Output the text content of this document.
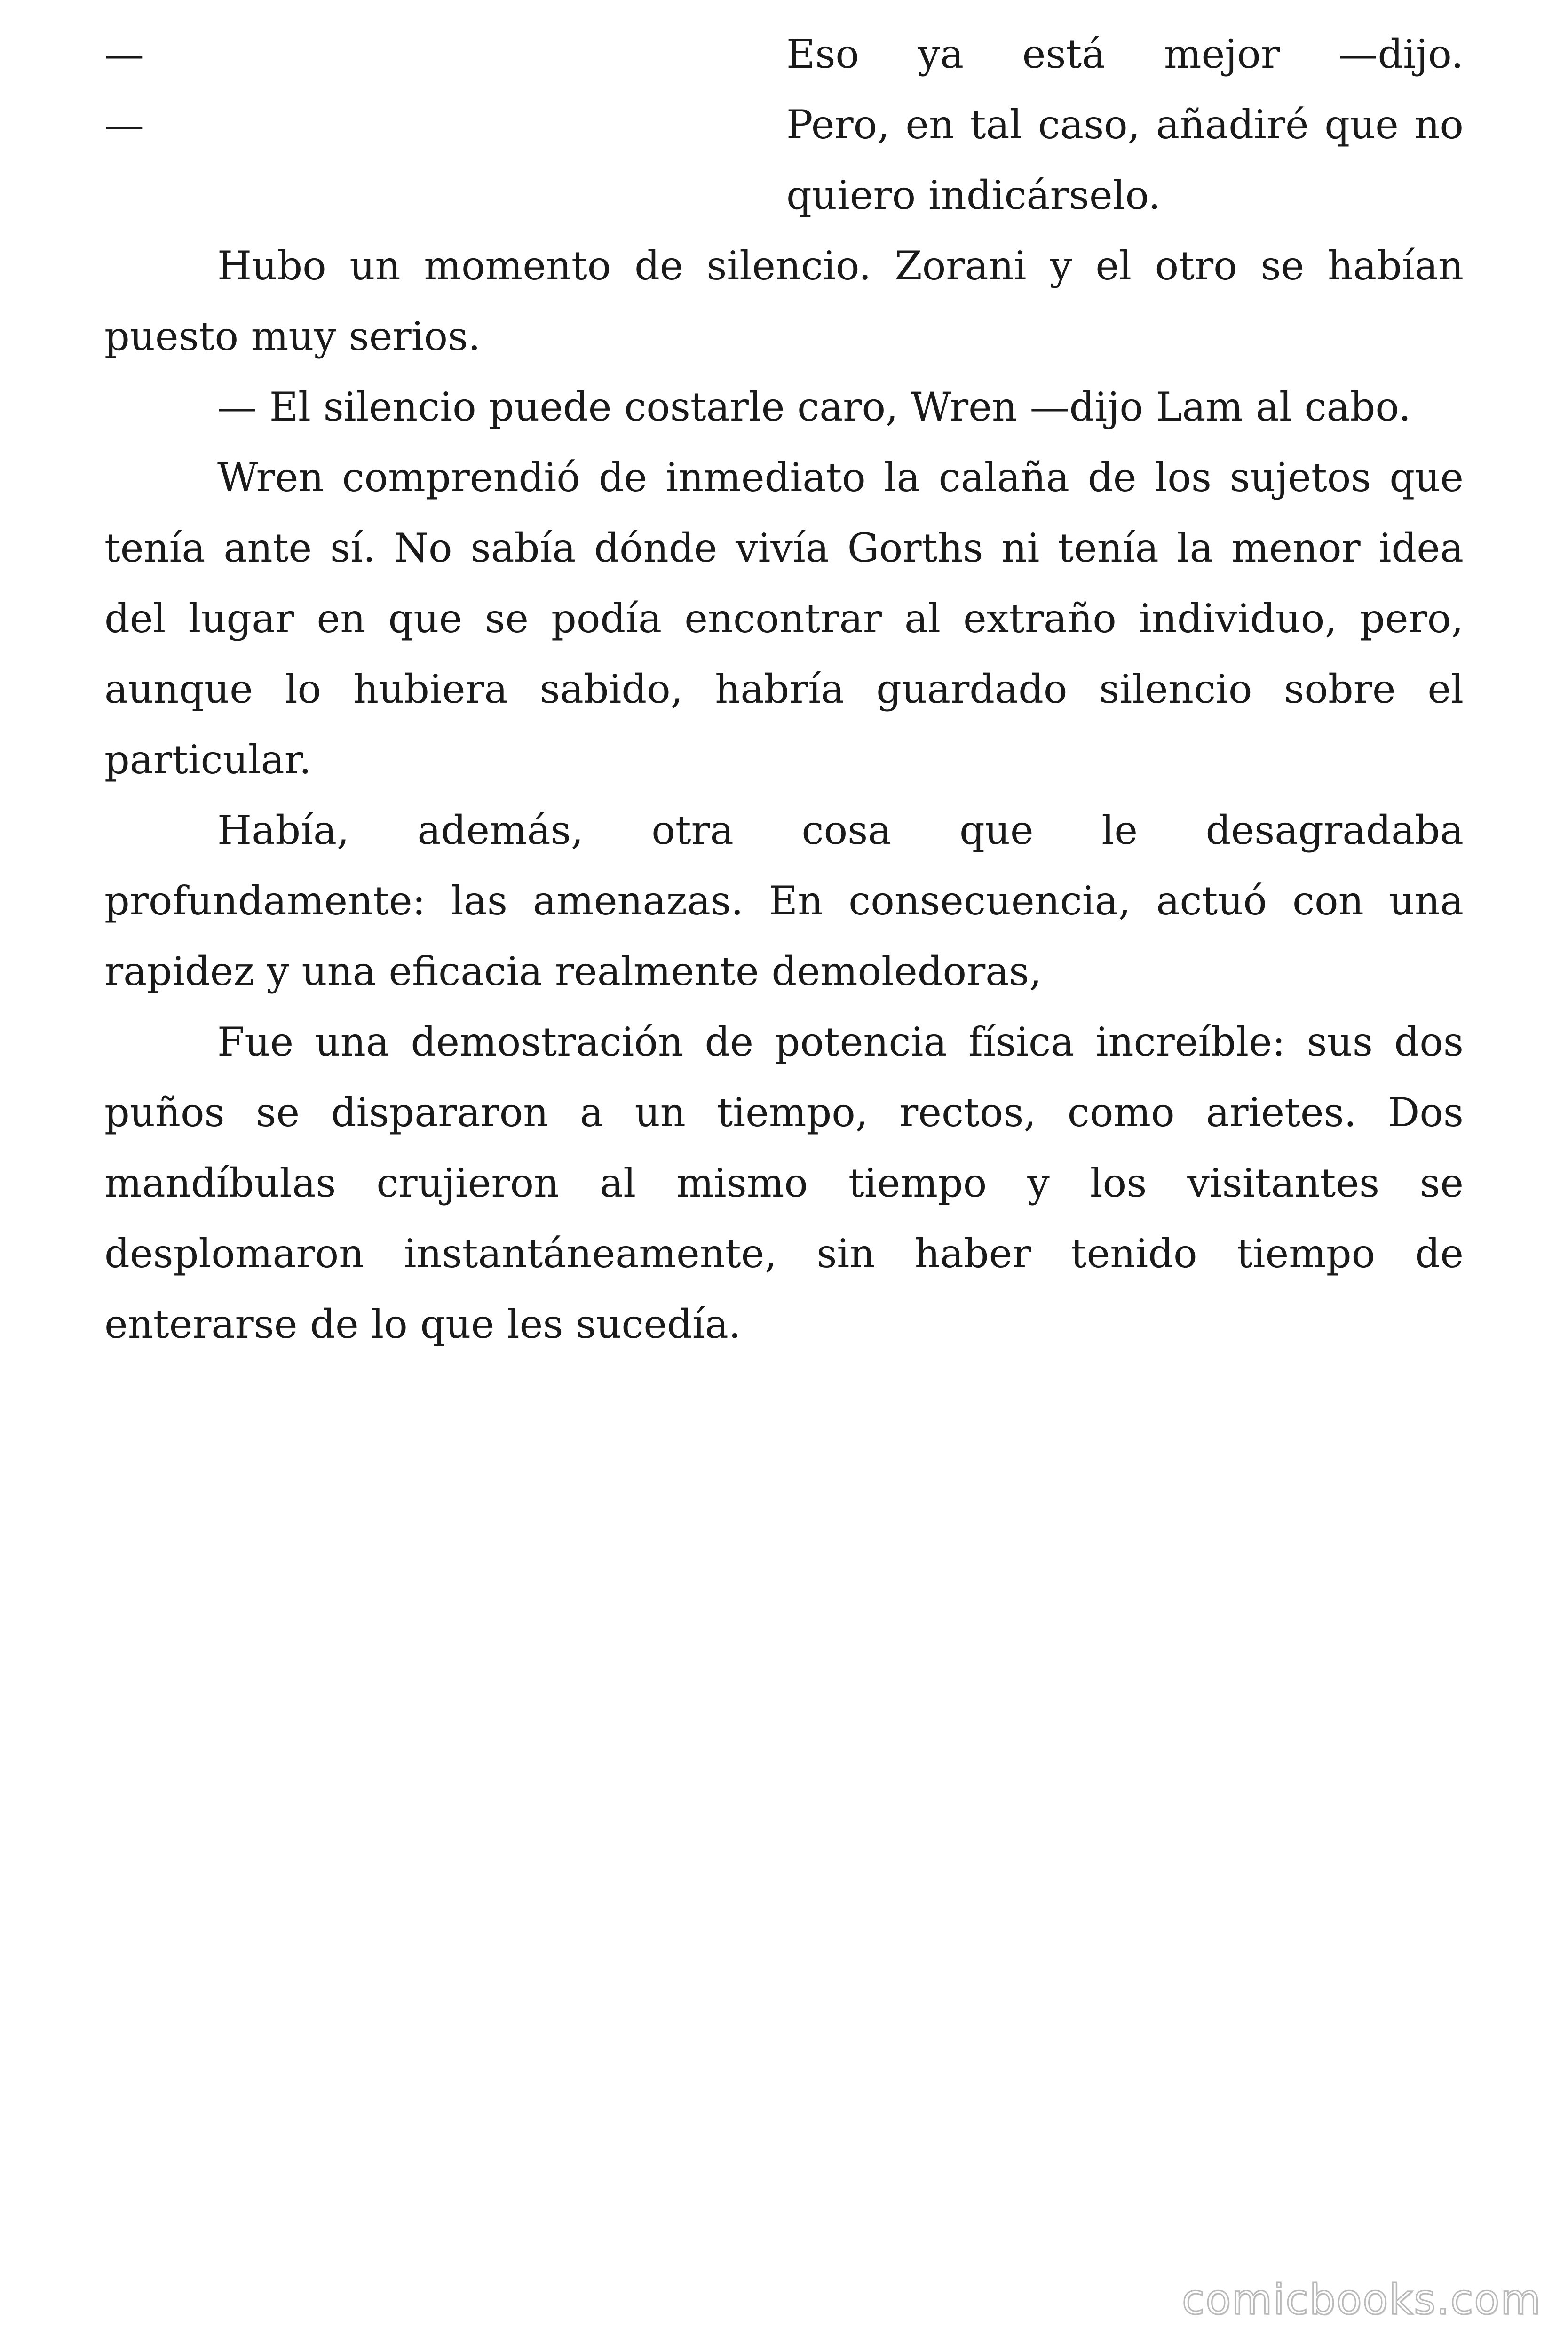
—	Eso ya está mejor —dijo.
—	Pero, en tal caso, añadiré que no
quiero indicárselo.

Hubo un momento de silencio. Zorani y el otro se habían puesto muy serios.

— El silencio puede costarle caro, Wren —dijo Lam al cabo.

Wren comprendió de inmediato la calaña de los sujetos que tenía ante sí. No sabía dónde vivía Gorths ni tenía la menor idea del lugar en que se podía encontrar al extraño individuo, pero, aunque lo hubiera sabido, habría guardado silencio sobre el particular.

Había, además, otra cosa que le desagradaba profundamente: las amenazas. En consecuencia, actuó con una rapidez y una eficacia realmente demoledoras,

Fue una demostración de potencia física increíble: sus dos puños se dispararon a un tiempo, rectos, como arietes. Dos mandíbulas crujieron al mismo tiempo y los visitantes se desplomaron instantáneamente, sin haber tenido tiempo de enterarse de lo que les sucedía.

comicbooks.com
